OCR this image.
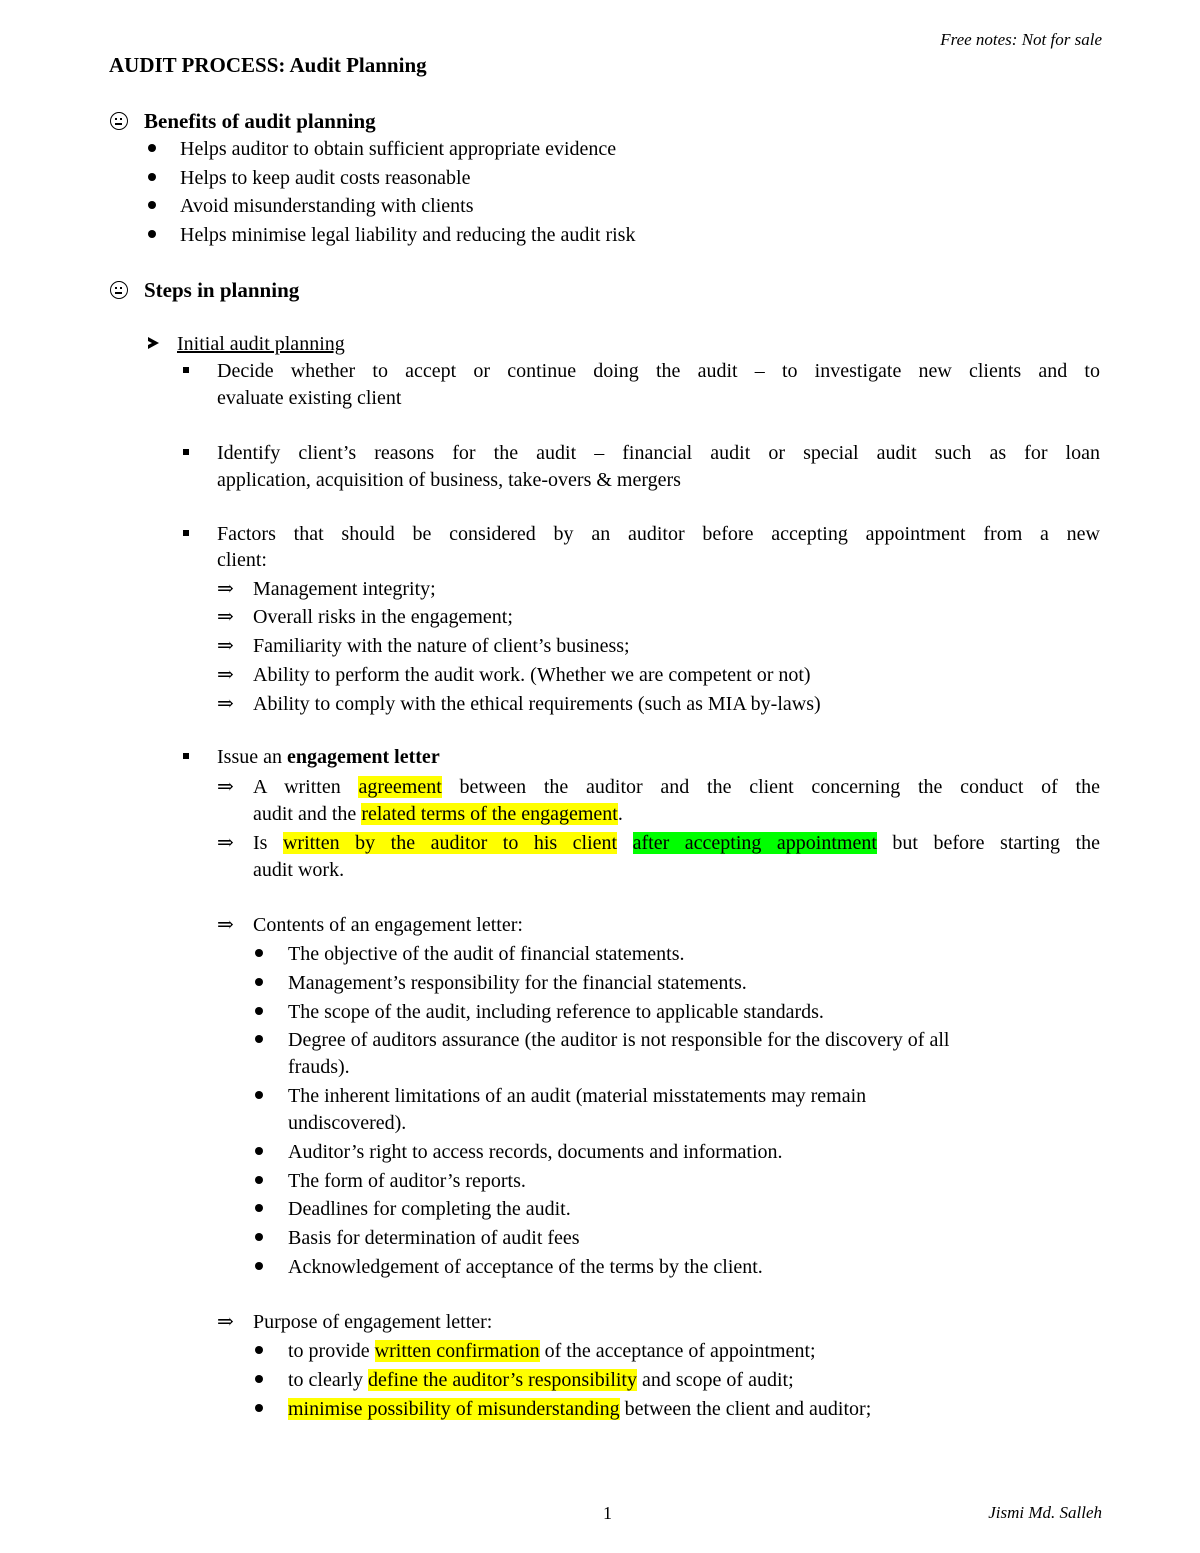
Free notes: Not for sale
AUDIT PROCESS: Audit Planning
Benefits of audit planning
Helps auditor to obtain sufficient appropriate evidence
Helps to keep audit costs reasonable
Avoid misunderstanding with clients
Helps minimise legal liability and reducing the audit risk
Steps in planning
Initial audit planning
Decide whether to accept or continue doing the audit – to investigate new clients and to
evaluate existing client
Identify client’s reasons for the audit – financial audit or special audit such as for loan
application, acquisition of business, take-overs & mergers
Factors that should be considered by an auditor before accepting appointment from a new
client:
⇒ Management integrity;
⇒ Overall risks in the engagement;
⇒ Familiarity with the nature of client’s business;
⇒ Ability to perform the audit work. (Whether we are competent or not)
⇒ Ability to comply with the ethical requirements (such as MIA by-laws)
Issue an engagement letter
⇒ A written agreement between the auditor and the client concerning the conduct of the
audit and the related terms of the engagement.
⇒ Is written by the auditor to his client after accepting appointment but before starting the
audit work.
⇒ Contents of an engagement letter:
The objective of the audit of financial statements.
Management’s responsibility for the financial statements.
The scope of the audit, including reference to applicable standards.
Degree of auditors assurance (the auditor is not responsible for the discovery of all
frauds).
The inherent limitations of an audit (material misstatements may remain
undiscovered).
Auditor’s right to access records, documents and information.
The form of auditor’s reports.
Deadlines for completing the audit.
Basis for determination of audit fees
Acknowledgement of acceptance of the terms by the client.
⇒ Purpose of engagement letter:
to provide written confirmation of the acceptance of appointment;
to clearly define the auditor’s responsibility and scope of audit;
minimise possibility of misunderstanding between the client and auditor;
1	Jismi Md. Salleh
